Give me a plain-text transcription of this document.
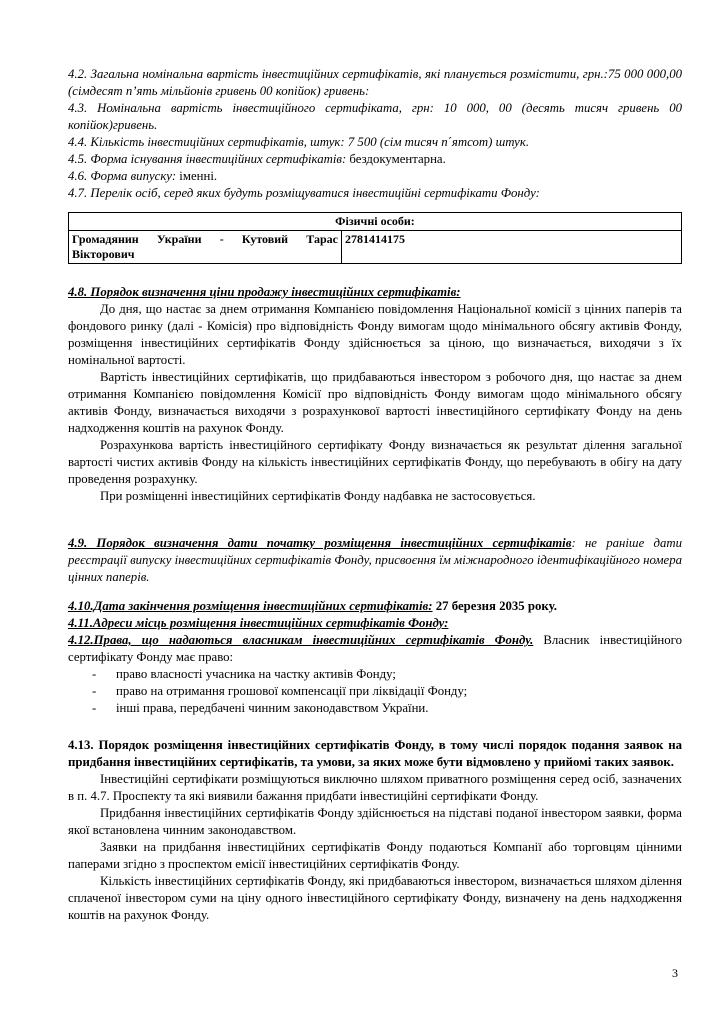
4.2. Загальна номінальна вартість інвестиційних сертифікатів, які планується розмістити, грн.:75 000 000,00 (сімдесят п’ять мільйонів гривень 00 копійок) гривень:

4.3. Номінальна вартість інвестиційного сертифіката, грн: 10 000, 00 (десять тисяч гривень 00 копійок)гривень.

4.4. Кількість інвестиційних сертифікатів, штук: 7 500 (сім тисяч п΄ятсот) штук.

4.5. Форма існування інвестиційних сертифікатів: бездокументарна.

4.6. Форма випуску: іменні.

4.7. Перелік осіб, серед яких будуть розміщуватися інвестиційні сертифікати Фонду:

Фізичні особи:
Громадянин України - Кутовий Тарас Вікторович	2781414175

4.8. Порядок визначення ціни продажу інвестиційних сертифікатів:

До дня, що настає за днем отримання Компанією повідомлення Національної комісії з цінних паперів та фондового ринку (далі - Комісія) про відповідність Фонду вимогам щодо мінімального обсягу активів Фонду, розміщення інвестиційних сертифікатів Фонду здійснюється за ціною, що визначається, виходячи з їх номінальної вартості.

Вартість інвестиційних сертифікатів, що придбаваються інвестором з робочого дня, що настає за днем отримання Компанією повідомлення Комісії про відповідність Фонду вимогам щодо мінімального обсягу активів Фонду, визначається виходячи з розрахункової вартості інвестиційного сертифікату Фонду на день надходження коштів на рахунок Фонду.

Розрахункова вартість інвестиційного сертифікату Фонду визначається як результат ділення загальної вартості чистих активів Фонду на кількість інвестиційних сертифікатів Фонду, що перебувають в обігу на дату проведення розрахунку.

При розміщенні інвестиційних сертифікатів Фонду надбавка не застосовується.

4.9. Порядок визначення дати початку розміщення інвестиційних сертифікатів: не раніше дати реєстрації випуску інвестиційних сертифікатів Фонду, присвоєння їм міжнародного ідентифікаційного номера цінних паперів.

4.10.Дата закінчення розміщення інвестиційних сертифікатів: 27 березня 2035 року.

4.11.Адреси місць розміщення інвестиційних сертифікатів Фонду:

4.12.Права, що надаються власникам інвестиційних сертифікатів Фонду. Власник інвестиційного сертифікату Фонду має право:

- право власності учасника на частку активів Фонду;
- право на отримання грошової компенсації при ліквідації Фонду;
- інші права, передбачені чинним законодавством України.

4.13. Порядок розміщення інвестиційних сертифікатів Фонду, в тому числі порядок подання заявок на придбання інвестиційних сертифікатів, та умови, за яких може бути відмовлено у прийомі таких заявок.

Інвестиційні сертифікати розміщуються виключно шляхом приватного розміщення серед осіб, зазначених в п. 4.7. Проспекту та які виявили бажання придбати інвестиційні сертифікати Фонду.

Придбання інвестиційних сертифікатів Фонду здійснюється на підставі поданої інвестором заявки, форма якої встановлена чинним законодавством.

Заявки на придбання інвестиційних сертифікатів Фонду подаються Компанії або торговцям цінними паперами згідно з проспектом емісії інвестиційних сертифікатів Фонду.

Кількість інвестиційних сертифікатів Фонду, які придбаваються інвестором, визначається шляхом ділення сплаченої інвестором суми на ціну одного інвестиційного сертифікату Фонду, визначену на день надходження коштів на рахунок Фонду.

3
